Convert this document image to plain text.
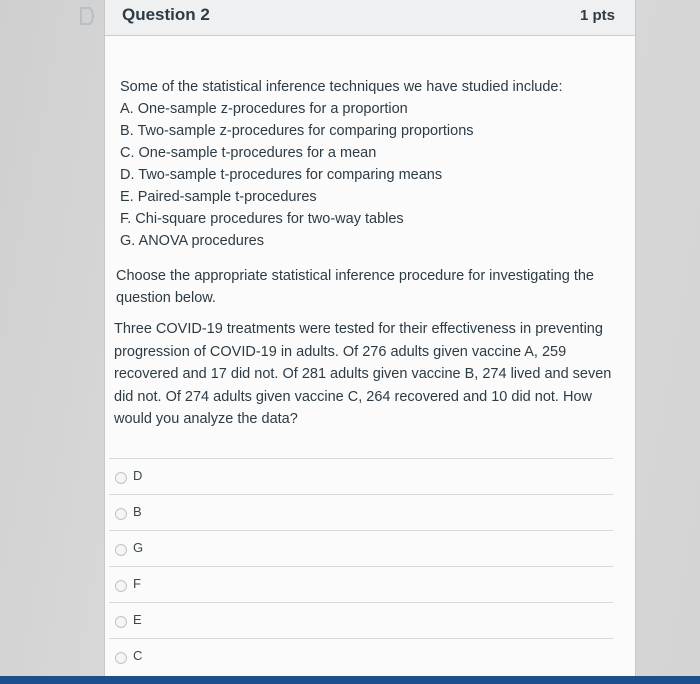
Question 2	1 pts
Some of the statistical inference techniques we have studied include:
A. One-sample z-procedures for a proportion
B. Two-sample z-procedures for comparing proportions
C. One-sample t-procedures for a mean
D. Two-sample t-procedures for comparing means
E. Paired-sample t-procedures
F. Chi-square procedures for two-way tables
G. ANOVA procedures
Choose the appropriate statistical inference procedure for investigating the question below.
Three COVID-19 treatments were tested for their effectiveness in preventing progression of COVID-19 in adults. Of 276 adults given vaccine A, 259 recovered and 17 did not. Of 281 adults given vaccine B, 274 lived and seven did not. Of 274 adults given vaccine C, 264 recovered and 10 did not. How would you analyze the data?
D
B
G
F
E
C
